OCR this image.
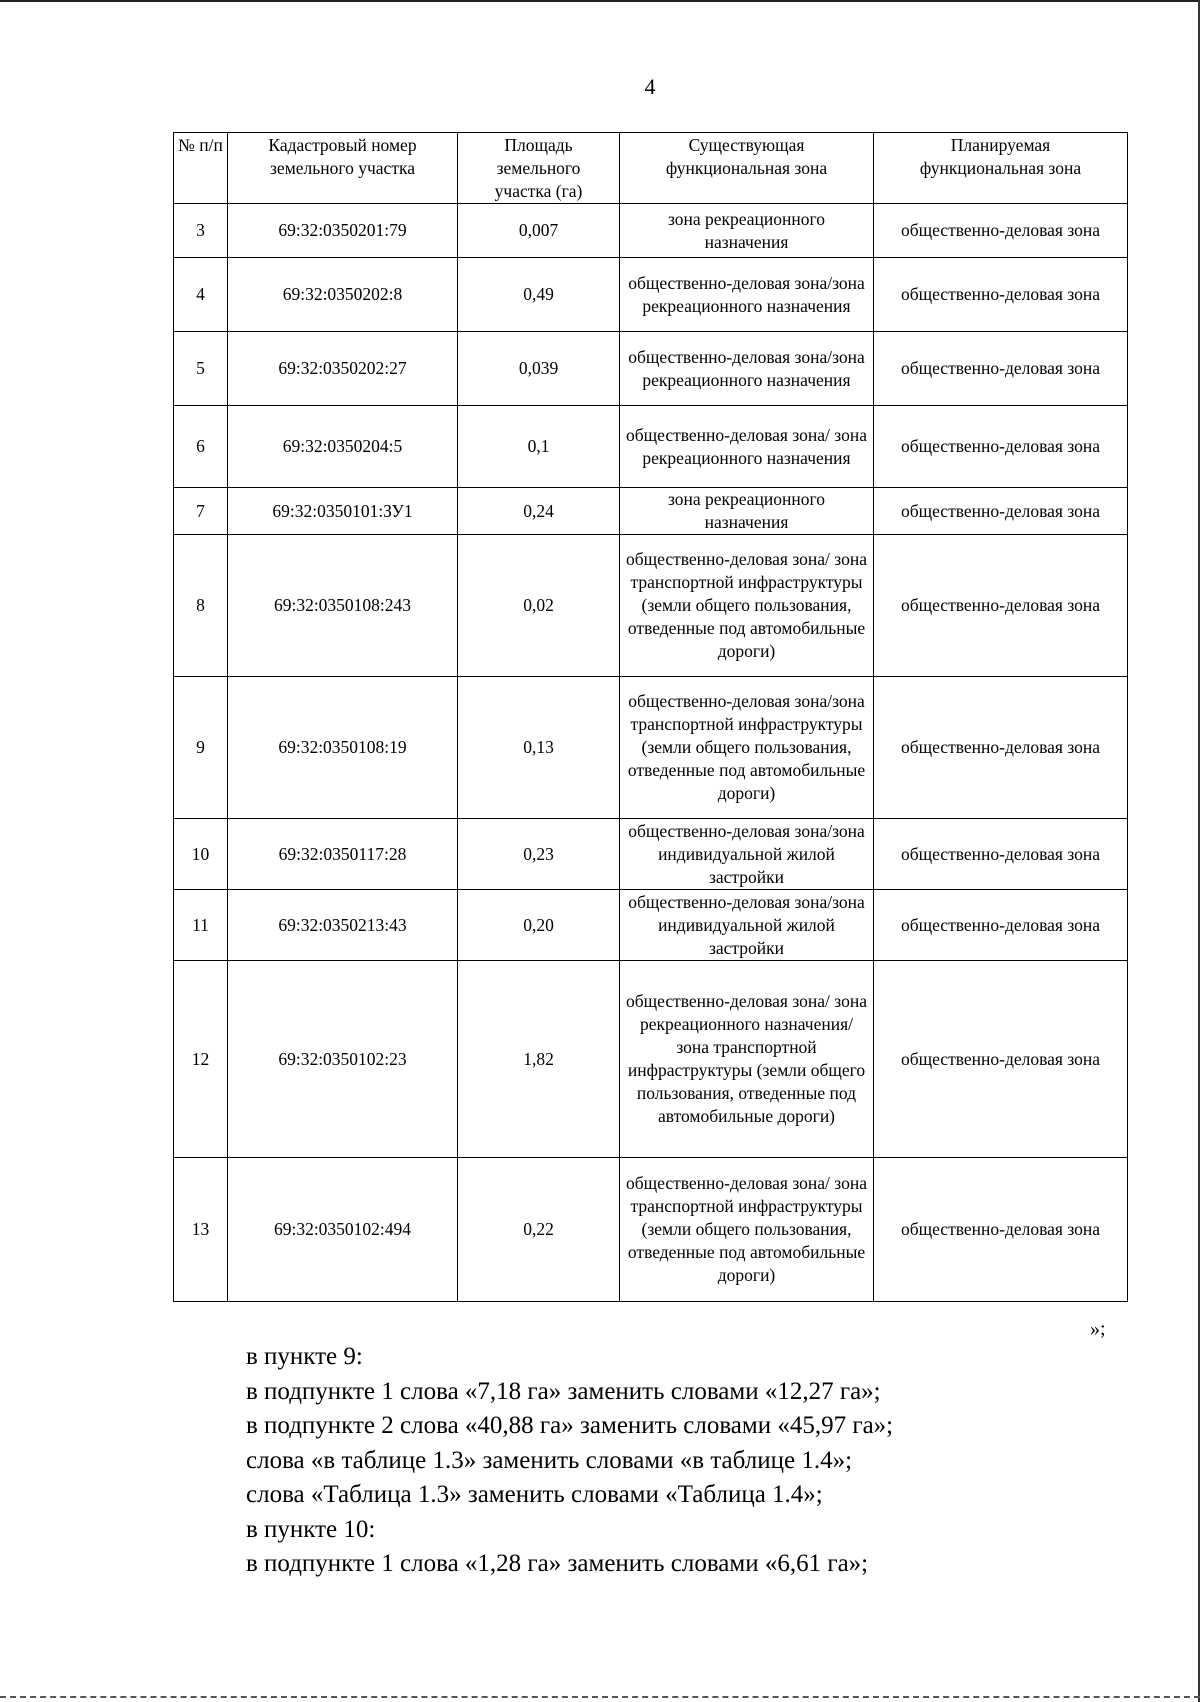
4
№ п/п	Кадастровый номер земельного участка	Площадь земельного участка (га)	Существующая функциональная зона	Планируемая функциональная зона
3	69:32:0350201:79	0,007	зона рекреационного назначения	общественно-деловая зона
4	69:32:0350202:8	0,49	общественно-деловая зона/зона рекреационного назначения	общественно-деловая зона
5	69:32:0350202:27	0,039	общественно-деловая зона/зона рекреационного назначения	общественно-деловая зона
6	69:32:0350204:5	0,1	общественно-деловая зона/ зона рекреационного назначения	общественно-деловая зона
7	69:32:0350101:ЗУ1	0,24	зона рекреационного назначения	общественно-деловая зона
8	69:32:0350108:243	0,02	общественно-деловая зона/ зона транспортной инфраструктуры (земли общего пользования, отведенные под автомобильные дороги)	общественно-деловая зона
9	69:32:0350108:19	0,13	общественно-деловая зона/зона транспортной инфраструктуры (земли общего пользования, отведенные под автомобильные дороги)	общественно-деловая зона
10	69:32:0350117:28	0,23	общественно-деловая зона/зона индивидуальной жилой застройки	общественно-деловая зона
11	69:32:0350213:43	0,20	общественно-деловая зона/зона индивидуальной жилой застройки	общественно-деловая зона
12	69:32:0350102:23	1,82	общественно-деловая зона/ зона рекреационного назначения/зона транспортной инфраструктуры (земли общего пользования, отведенные под автомобильные дороги)	общественно-деловая зона
13	69:32:0350102:494	0,22	общественно-деловая зона/ зона транспортной инфраструктуры (земли общего пользования, отведенные под автомобильные дороги)	общественно-деловая зона
»;
в пункте 9:
в подпункте 1 слова «7,18 га» заменить словами «12,27 га»;
в подпункте 2 слова «40,88 га» заменить словами «45,97 га»;
слова «в таблице 1.3» заменить словами «в таблице 1.4»;
слова «Таблица 1.3» заменить словами «Таблица 1.4»;
в пункте 10:
в подпункте 1 слова «1,28 га» заменить словами «6,61 га»;
